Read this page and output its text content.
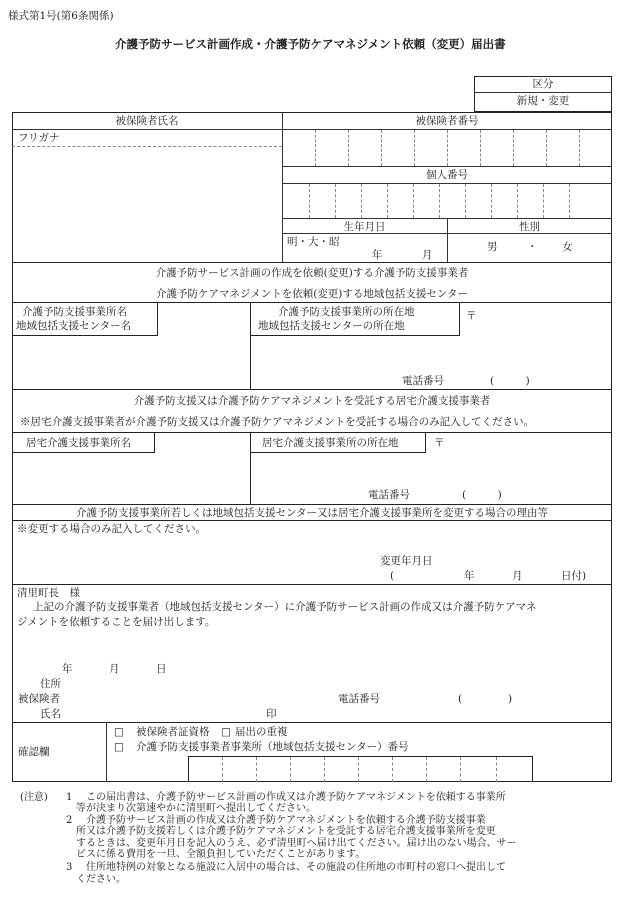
様式第1号(第6条関係)
介護予防サービス計画作成・介護予防ケアマネジメント依頼（変更）届出書
区分
新規・変更
被保険者氏名	被保険者番号
フリガナ
個人番号
生年月日	性別
明・大・昭
年	月
男	・ 女
介護予防サービス計画の作成を依頼(変更)する介護予防支援事業者
介護予防ケアマネジメントを依頼(変更)する地域包括支援センター
介護予防支援事業所名
地域包括支援センター名
介護予防支援事業所の所在地
地域包括支援センターの所在地
〒
電話番号	(　　　)
介護予防支援又は介護予防ケアマネジメントを受託する居宅介護支援事業者
※居宅介護支援事業者が介護予防支援又は介護予防ケアマネジメントを受託する場合のみ記入してください。
居宅介護支援事業所名	居宅介護支援事業所の所在地	〒
電話番号	(　　　)
介護予防支援事業所若しくは地域包括支援センター又は居宅介護支援事業所を変更する場合の理由等
※変更する場合のみ記入してください。
変更年月日
(	年	月	日付)
清里町長　様
上記の介護予防支援事業者（地域包括支援センター）に介護予防サービス計画の作成又は介護予防ケアマネ
ジメントを依頼することを届け出します。
年	月	日
住所
被保険者	電話番号	(	)
氏名	印
確認欄
□ 被保険者証資格 □ 届出の重複
□ 介護予防支援事業者事業所（地域包括支援センター）番号
(注意) 1 この届出書は、介護予防サービス計画の作成又は介護予防ケアマネジメントを依頼する事業所
等が決まり次第速やかに清里町へ提出してください。
2 介護予防サービス計画の作成又は介護予防ケアマネジメントを依頼する介護予防支援事業
所又は介護予防支援若しくは介護予防ケアマネジメントを受託する居宅介護支援事業所を変更
するときは、変更年月日を記入のうえ、必ず清里町へ届け出てください。届け出のない場合、サー
ビスに係る費用を一旦、全額負担していただくことがあります。
3 住所地特例の対象となる施設に入居中の場合は、その施設の住所地の市町村の窓口へ提出して
ください。
